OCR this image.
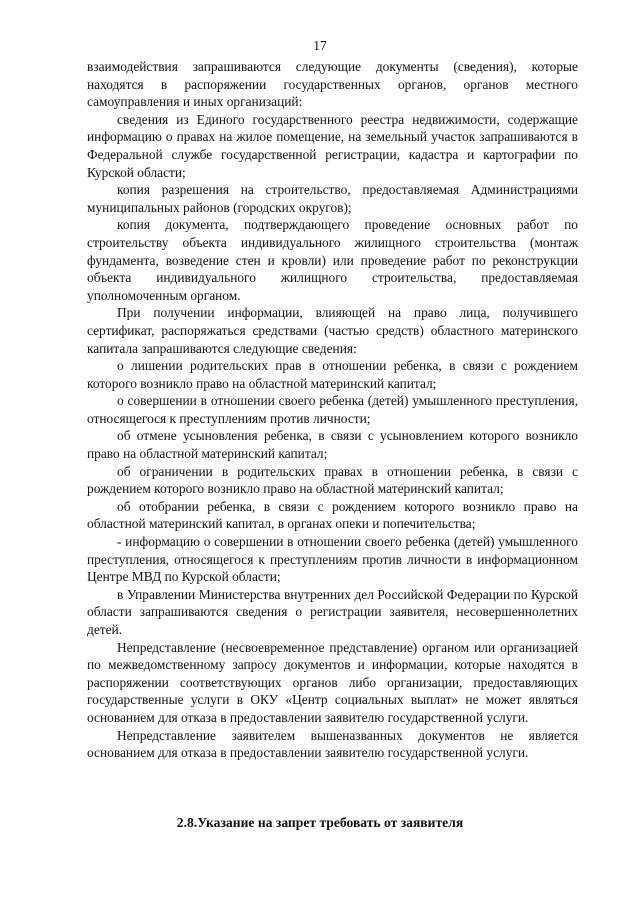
17

взаимодействия запрашиваются следующие документы (сведения), которые находятся в распоряжении государственных органов, органов местного самоуправления и иных организаций:

сведения из Единого государственного реестра недвижимости, содержащие информацию о правах на жилое помещение, на земельный участок запрашиваются в Федеральной службе государственной регистрации, кадастра и картографии по Курской области;

копия разрешения на строительство, предоставляемая Администрациями муниципальных районов (городских округов);

копия документа, подтверждающего проведение основных работ по строительству объекта индивидуального жилищного строительства (монтаж фундамента, возведение стен и кровли) или проведение работ по реконструкции объекта индивидуального жилищного строительства, предоставляемая уполномоченным органом.

При получении информации, влияющей на право лица, получившего сертификат, распоряжаться средствами (частью средств) областного материнского капитала запрашиваются следующие сведения:

о лишении родительских прав в отношении ребенка, в связи с рождением которого возникло право на областной материнский капитал;

о совершении в отношении своего ребенка (детей) умышленного преступления, относящегося к преступлениям против личности;

об отмене усыновления ребенка, в связи с усыновлением которого возникло право на областной материнский капитал;

об ограничении в родительских правах в отношении ребенка, в связи с рождением которого возникло право на областной материнский капитал;

об отобрании ребенка, в связи с рождением которого возникло право на областной материнский капитал, в органах опеки и попечительства;

- информацию о совершении в отношении своего ребенка (детей) умышленного преступления, относящегося к преступлениям против личности в информационном Центре МВД по Курской области;

в Управлении Министерства внутренних дел Российской Федерации по Курской области запрашиваются сведения о регистрации заявителя, несовершеннолетних детей.

Непредставление (несвоевременное представление) органом или организацией по межведомственному запросу документов и информации, которые находятся в распоряжении соответствующих органов либо организации, предоставляющих государственные услуги в ОКУ «Центр социальных выплат» не может являться основанием для отказа в предоставлении заявителю государственной услуги.

Непредставление заявителем вышеназванных документов не является основанием для отказа в предоставлении заявителю государственной услуги.

2.8.Указание на запрет требовать от заявителя
